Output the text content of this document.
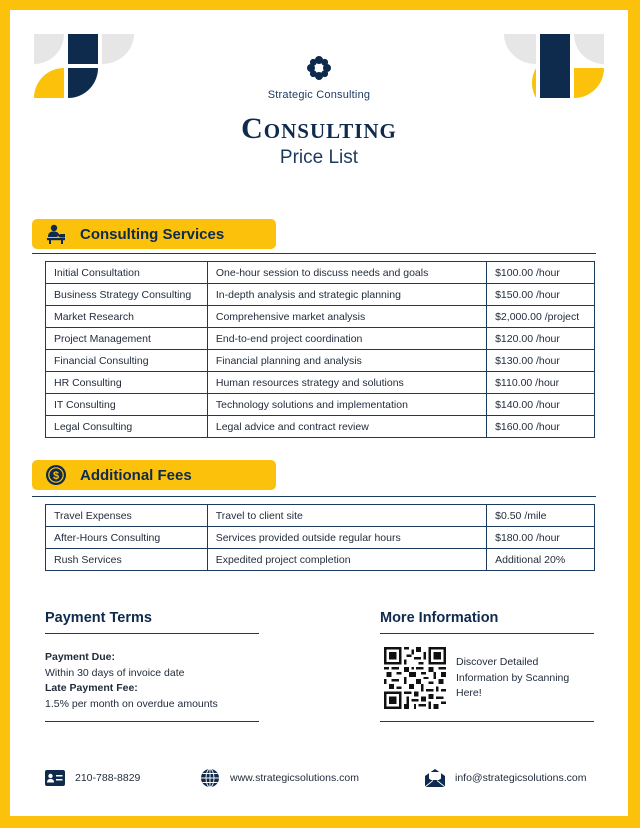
Strategic Consulting
Consulting
Price List
Consulting Services
Initial Consultation	One-hour session to discuss needs and goals	$100.00 /hour
Business Strategy Consulting	In-depth analysis and strategic planning	$150.00 /hour
Market Research	Comprehensive market analysis	$2,000.00 /project
Project Management	End-to-end project coordination	$120.00 /hour
Financial Consulting	Financial planning and analysis	$130.00 /hour
HR Consulting	Human resources strategy and solutions	$110.00 /hour
IT Consulting	Technology solutions and implementation	$140.00 /hour
Legal Consulting	Legal advice and contract review	$160.00 /hour
$ Additional Fees
Travel Expenses	Travel to client site	$0.50 /mile
After-Hours Consulting	Services provided outside regular hours	$180.00 /hour
Rush Services	Expedited project completion	Additional 20%
Payment Terms
Payment Due:
Within 30 days of invoice date
Late Payment Fee:
1.5% per month on overdue amounts
More Information
Discover Detailed
Information by Scanning
Here!
210-788-8829	www.strategicsolutions.com	info@strategicsolutions.com
